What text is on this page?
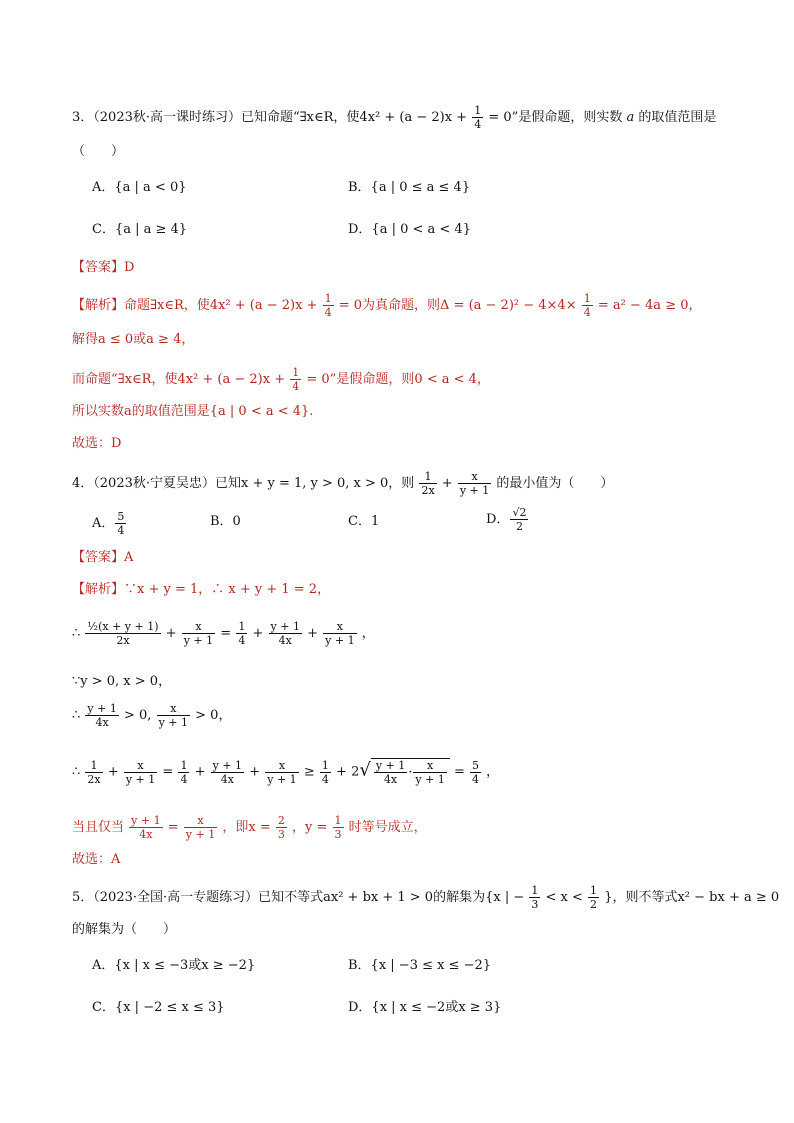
3．（2023秋·高一课时练习）已知命题“∃x∈R，使$4x^2 + (a - 2)x + \frac{1}{4} = 0$”是假命题，则实数 a 的取值范围是
（　　）
A．{a | a < 0}	B．{a | 0 ≤ a ≤ 4}
C．{a | a ≥ 4}	D．{a | 0 < a < 4}
【答案】D
【解析】命题∃x∈R，使$4x^2 + (a - 2)x + \frac{1}{4} = 0$为真命题，则$\Delta = (a - 2)^2 - 4\times 4\times \frac{1}{4} = a^2 - 4a \ge 0$，
解得a ≤ 0或a ≥ 4，
而命题“∃x∈R，使$4x^2 + (a - 2)x + \frac{1}{4} = 0$”是假命题，则0 < a < 4，
所以实数a的取值范围是{a | 0 < a < 4}.
故选：D
4．（2023秋·宁夏吴忠）已知x + y = 1, y > 0, x > 0，则 $\frac{1}{2x} + \frac{x}{y + 1}$ 的最小值为（　　）
A． $\frac{5}{4}$	B．0	C．1	D． $\frac{√2}{2}$
【答案】A
【解析】∵x + y = 1，∴ x + y + 1 = 2，
∴ $\frac{\text{½(x + y + 1)}}{2x} + \frac{x}{y + 1} = \frac{1}{4} + \frac{y + 1}{4x} + \frac{x}{y + 1}$ ，
∵y > 0, x > 0，
∴ $\frac{y + 1}{4x} > 0$, $\frac{x}{y + 1} > 0$，
∴ $\frac{1}{2x} + \frac{x}{y + 1} = \frac{1}{4} + \frac{y + 1}{4x} + \frac{x}{y + 1} \ge \frac{1}{4} + 2√ \frac{y + 1}{4x} \cdot \frac{x}{y + 1} = \frac{5}{4}$ ，
当且仅当 $\frac{y + 1}{4x} = \frac{x}{y + 1}$ ，即$x = \frac{2}{3}$ ，$y = \frac{1}{3}$ 时等号成立，
故选：A
5．（2023·全国·高一专题练习）已知不等式ax² + bx + 1 > 0的解集为{x | − $\frac{1}{3} < x < \frac{1}{2}$ }，则不等式x² − bx + a ≥ 0
的解集为（　　）
A．{x | x ≤ −3或x ≥ −2}	B．{x | −3 ≤ x ≤ −2}
C．{x | −2 ≤ x ≤ 3}	D．{x | x ≤ −2或x ≥ 3}
